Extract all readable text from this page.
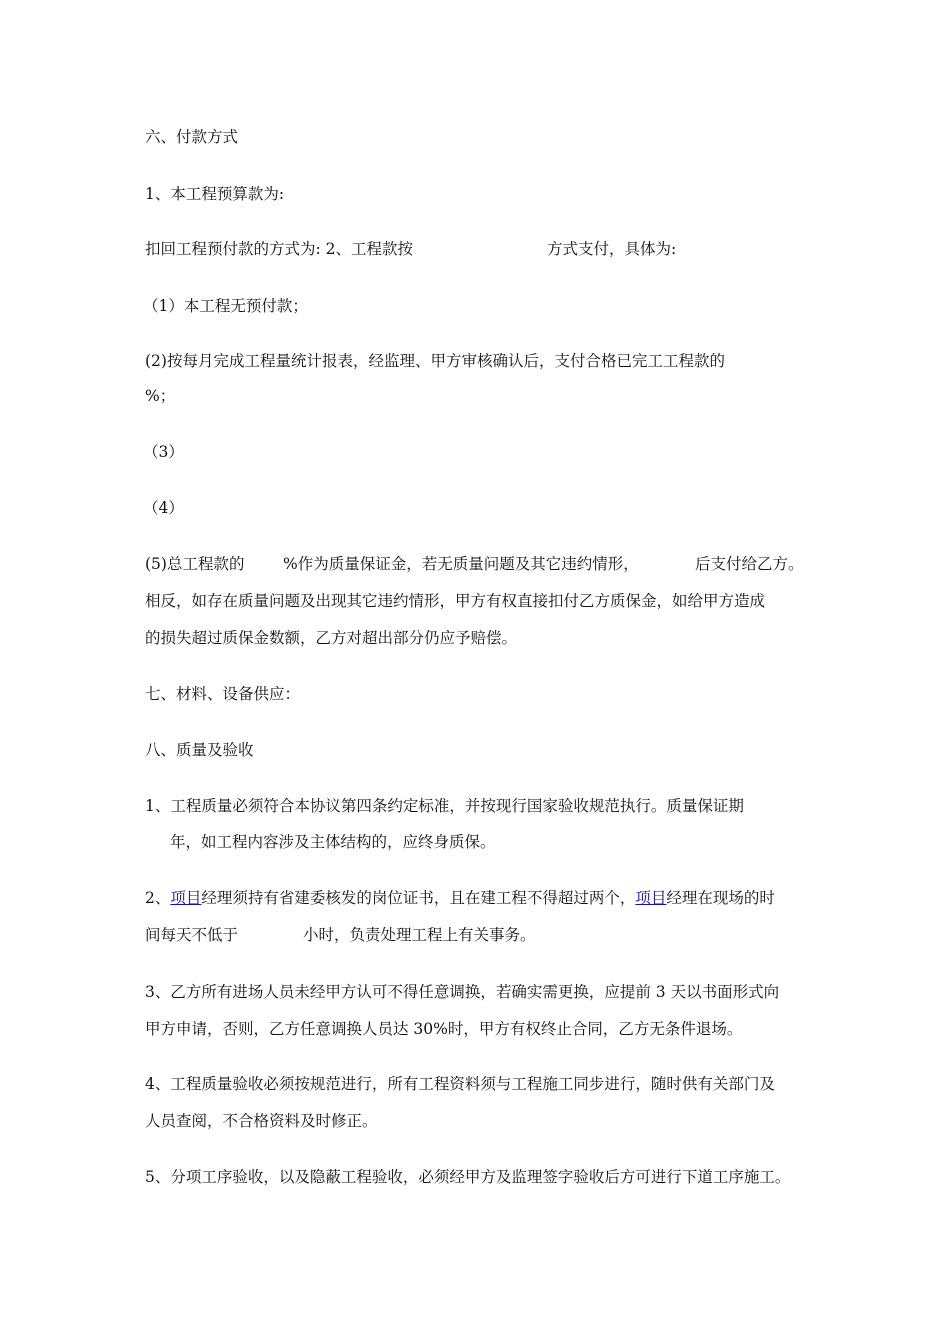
六、付款方式
1、本工程预算款为:
扣回工程预付款的方式为: 2、工程款按	方式支付，具体为:
（1）本工程无预付款；
(2)按每月完成工程量统计报表，经监理、甲方审核确认后，支付合格已完工工程款的
%；
（3）
（4）
(5)总工程款的 %作为质量保证金，若无质量问题及其它违约情形，	后支付给乙方。
相反，如存在质量问题及出现其它违约情形，甲方有权直接扣付乙方质保金，如给甲方造成
的损失超过质保金数额，乙方对超出部分仍应予赔偿。
七、材料、设备供应：
八、质量及验收
1、工程质量必须符合本协议第四条约定标准，并按现行国家验收规范执行。质量保证期
年，如工程内容涉及主体结构的，应终身质保。
2、项目经理须持有省建委核发的岗位证书，且在建工程不得超过两个，项目经理在现场的时
间每天不低于	小时，负责处理工程上有关事务。
3、乙方所有进场人员未经甲方认可不得任意调换，若确实需更换，应提前 3 天以书面形式向
甲方申请，否则，乙方任意调换人员达 30%时，甲方有权终止合同，乙方无条件退场。
4、工程质量验收必须按规范进行，所有工程资料须与工程施工同步进行，随时供有关部门及
人员查阅，不合格资料及时修正。
5、分项工序验收，以及隐蔽工程验收，必须经甲方及监理签字验收后方可进行下道工序施工。
